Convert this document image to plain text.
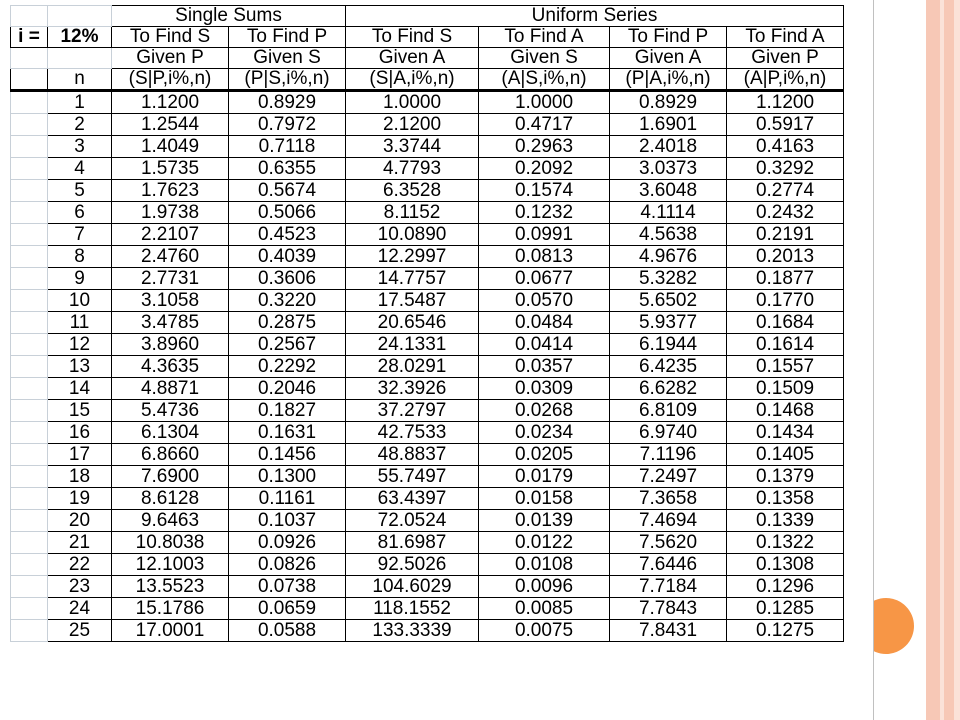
		Single Sums		Uniform Series			
i =	12%	To Find S	To Find P	To Find S	To Find A	To Find P	To Find A
		Given P	Given S	Given A	Given S	Given A	Given P
	n	(S|P,i%,n)	(P|S,i%,n)	(S|A,i%,n)	(A|S,i%,n)	(P|A,i%,n)	(A|P,i%,n)
	1	1.1200	0.8929	1.0000	1.0000	0.8929	1.1200
	2	1.2544	0.7972	2.1200	0.4717	1.6901	0.5917
	3	1.4049	0.7118	3.3744	0.2963	2.4018	0.4163
	4	1.5735	0.6355	4.7793	0.2092	3.0373	0.3292
	5	1.7623	0.5674	6.3528	0.1574	3.6048	0.2774
	6	1.9738	0.5066	8.1152	0.1232	4.1114	0.2432
	7	2.2107	0.4523	10.0890	0.0991	4.5638	0.2191
	8	2.4760	0.4039	12.2997	0.0813	4.9676	0.2013
	9	2.7731	0.3606	14.7757	0.0677	5.3282	0.1877
	10	3.1058	0.3220	17.5487	0.0570	5.6502	0.1770
	11	3.4785	0.2875	20.6546	0.0484	5.9377	0.1684
	12	3.8960	0.2567	24.1331	0.0414	6.1944	0.1614
	13	4.3635	0.2292	28.0291	0.0357	6.4235	0.1557
	14	4.8871	0.2046	32.3926	0.0309	6.6282	0.1509
	15	5.4736	0.1827	37.2797	0.0268	6.8109	0.1468
	16	6.1304	0.1631	42.7533	0.0234	6.9740	0.1434
	17	6.8660	0.1456	48.8837	0.0205	7.1196	0.1405
	18	7.6900	0.1300	55.7497	0.0179	7.2497	0.1379
	19	8.6128	0.1161	63.4397	0.0158	7.3658	0.1358
	20	9.6463	0.1037	72.0524	0.0139	7.4694	0.1339
	21	10.8038	0.0926	81.6987	0.0122	7.5620	0.1322
	22	12.1003	0.0826	92.5026	0.0108	7.6446	0.1308
	23	13.5523	0.0738	104.6029	0.0096	7.7184	0.1296
	24	15.1786	0.0659	118.1552	0.0085	7.7843	0.1285
	25	17.0001	0.0588	133.3339	0.0075	7.8431	0.1275
